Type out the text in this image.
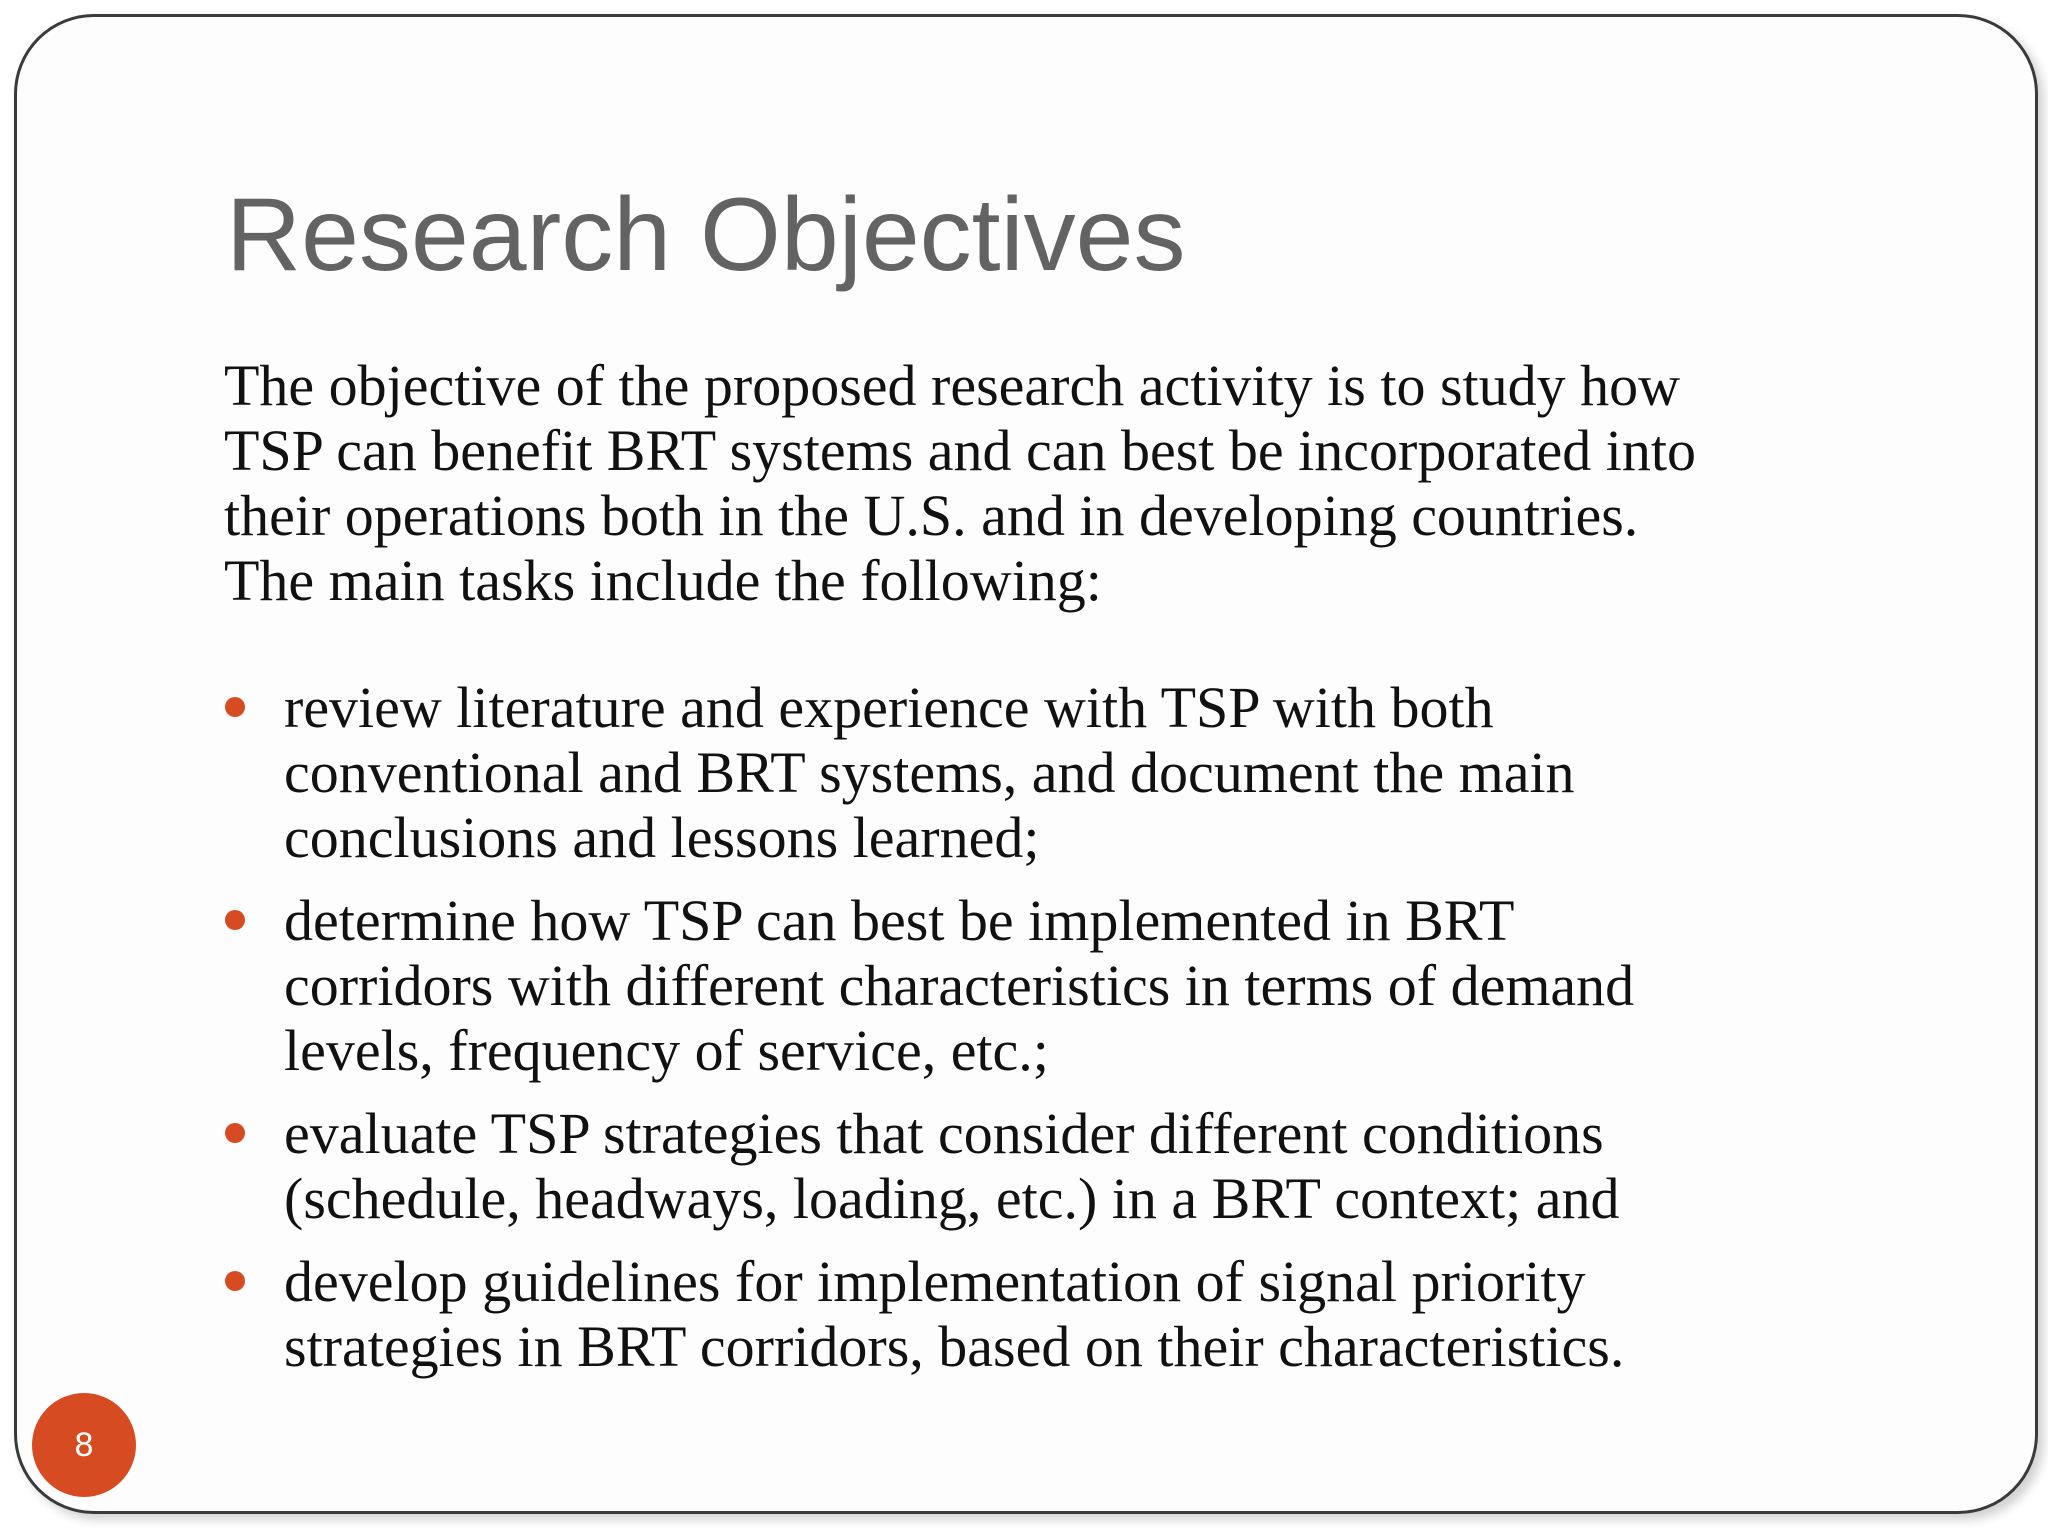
Research Objectives

The objective of the proposed research activity is to study how
TSP can benefit BRT systems and can best be incorporated into
their operations both in the U.S. and in developing countries.
The main tasks include the following:

review literature and experience with TSP with both
conventional and BRT systems, and document the main
conclusions and lessons learned;
determine how TSP can best be implemented in BRT
corridors with different characteristics in terms of demand
levels, frequency of service, etc.;
evaluate TSP strategies that consider different conditions
(schedule, headways, loading, etc.) in a BRT context; and
develop guidelines for implementation of signal priority
strategies in BRT corridors, based on their characteristics.
8
